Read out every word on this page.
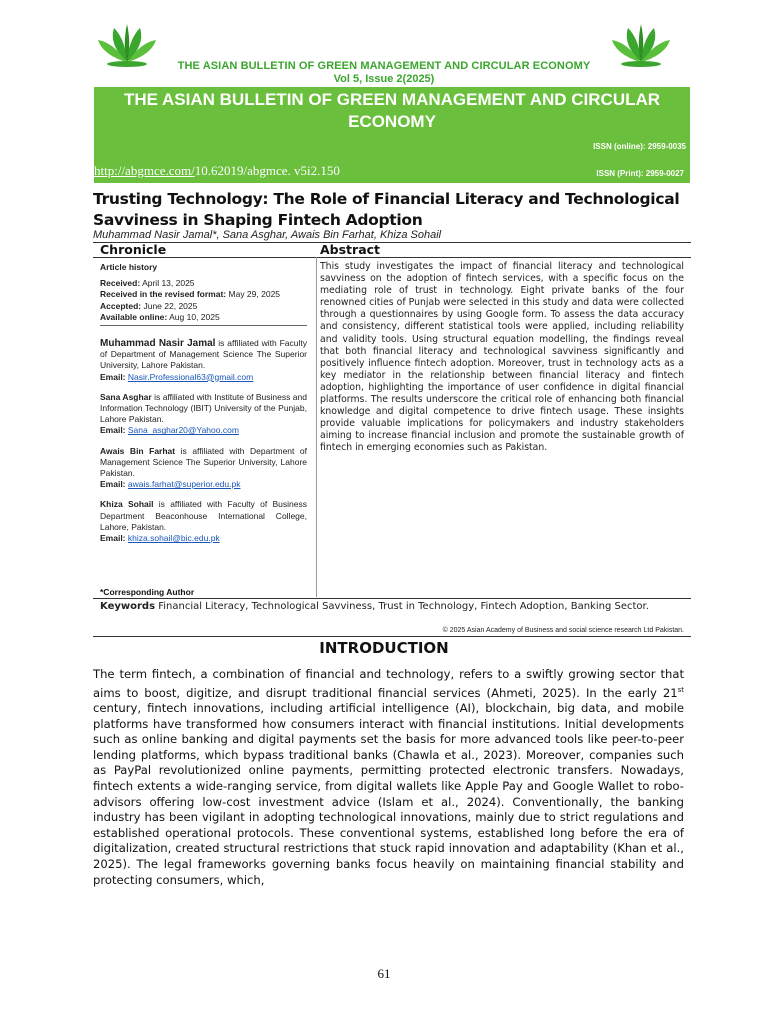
THE ASIAN BULLETIN OF GREEN MANAGEMENT AND CIRCULAR ECONOMY
Vol 5, Issue 2(2025)
THE ASIAN BULLETIN OF GREEN MANAGEMENT AND CIRCULAR ECONOMY
ISSN (online): 2959-0035
http://abgmce.com/10.62019/abgmce. v5i2.150	ISSN (Print): 2959-0027
Trusting Technology: The Role of Financial Literacy and Technological Savviness in Shaping Fintech Adoption
Muhammad Nasir Jamal*, Sana Asghar, Awais Bin Farhat, Khiza Sohail
Chronicle	Abstract
Article history
Received: April 13, 2025
Received in the revised format: May 29, 2025
Accepted: June 22, 2025
Available online: Aug 10, 2025
Muhammad Nasir Jamal is affiliated with Faculty of Department of Management Science The Superior University, Lahore Pakistan.
Email: Nasir.Professional63@gmail.com
Sana Asghar is affiliated with Institute of Business and Information Technology (IBIT) University of the Punjab, Lahore Pakistan.
Email: Sana_asghar20@Yahoo.com
Awais Bin Farhat is affiliated with Department of Management Science The Superior University, Lahore Pakistan.
Email: awais.farhat@superior.edu.pk
Khiza Sohail is affiliated with Faculty of Business Department Beaconhouse International College, Lahore, Pakistan.
Email: khiza.sohail@bic.edu.pk
This study investigates the impact of financial literacy and technological savviness on the adoption of fintech services, with a specific focus on the mediating role of trust in technology. Eight private banks of the four renowned cities of Punjab were selected in this study and data were collected through a questionnaires by using Google form. To assess the data accuracy and consistency, different statistical tools were applied, including reliability and validity tools. Using structural equation modelling, the findings reveal that both financial literacy and technological savviness significantly and positively influence fintech adoption. Moreover, trust in technology acts as a key mediator in the relationship between financial literacy and fintech adoption, highlighting the importance of user confidence in digital financial platforms. The results underscore the critical role of enhancing both financial knowledge and digital competence to drive fintech usage. These insights provide valuable implications for policymakers and industry stakeholders aiming to increase financial inclusion and promote the sustainable growth of fintech in emerging economies such as Pakistan.
*Corresponding Author
Keywords Financial Literacy, Technological Savviness, Trust in Technology, Fintech Adoption, Banking Sector.
© 2025 Asian Academy of Business and social science research Ltd Pakistan.
INTRODUCTION
The term fintech, a combination of financial and technology, refers to a swiftly growing sector that aims to boost, digitize, and disrupt traditional financial services (Ahmeti, 2025). In the early 21st century, fintech innovations, including artificial intelligence (AI), blockchain, big data, and mobile platforms have transformed how consumers interact with financial institutions. Initial developments such as online banking and digital payments set the basis for more advanced tools like peer-to-peer lending platforms, which bypass traditional banks (Chawla et al., 2023). Moreover, companies such as PayPal revolutionized online payments, permitting protected electronic transfers. Nowadays, fintech extents a wide-ranging service, from digital wallets like Apple Pay and Google Wallet to robo-advisors offering low-cost investment advice (Islam et al., 2024). Conventionally, the banking industry has been vigilant in adopting technological innovations, mainly due to strict regulations and established operational protocols. These conventional systems, established long before the era of digitalization, created structural restrictions that stuck rapid innovation and adaptability (Khan et al., 2025). The legal frameworks governing banks focus heavily on maintaining financial stability and protecting consumers, which,
61
